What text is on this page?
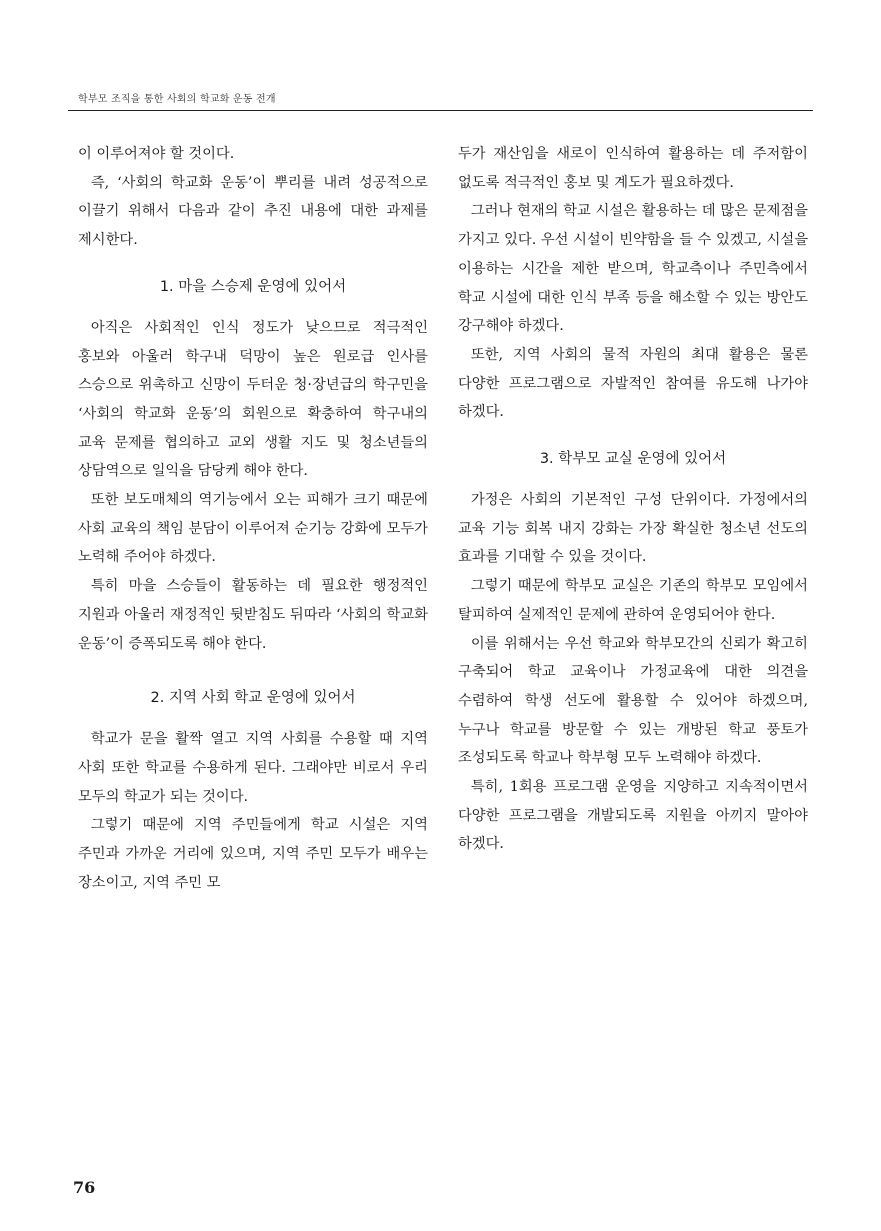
학부모 조직을 통한 사회의 학교화 운동 전개

이 이루어져야 할 것이다.

즉, ‘사회의 학교화 운동’이 뿌리를 내려 성공적으로 이끌기 위해서 다음과 같이 추진 내용에 대한 과제를 제시한다.

1. 마을 스승제 운영에 있어서

아직은 사회적인 인식 정도가 낮으므로 적극적인 홍보와 아울러 학구내 덕망이 높은 원로급 인사를 스승으로 위촉하고 신망이 두터운 청·장년급의 학구민을 ‘사회의 학교화 운동’의 회원으로 확충하여 학구내의 교육 문제를 협의하고 교외 생활 지도 및 청소년들의 상담역으로 일익을 담당케 해야 한다.

또한 보도매체의 역기능에서 오는 피해가 크기 때문에 사회 교육의 책임 분담이 이루어져 순기능 강화에 모두가 노력해 주어야 하겠다.

특히 마을 스승들이 활동하는 데 필요한 행정적인 지원과 아울러 재정적인 뒷받침도 뒤따라 ‘사회의 학교화 운동’이 증폭되도록 해야 한다.

2. 지역 사회 학교 운영에 있어서

학교가 문을 활짝 열고 지역 사회를 수용할 때 지역 사회 또한 학교를 수용하게 된다. 그래야만 비로서 우리 모두의 학교가 되는 것이다.

그렇기 때문에 지역 주민들에게 학교 시설은 지역 주민과 가까운 거리에 있으며, 지역 주민 모두가 배우는 장소이고, 지역 주민 모

두가 재산임을 새로이 인식하여 활용하는 데 주저함이 없도록 적극적인 홍보 및 계도가 필요하겠다.

그러나 현재의 학교 시설은 활용하는 데 많은 문제점을 가지고 있다. 우선 시설이 빈약함을 들 수 있겠고, 시설을 이용하는 시간을 제한 받으며, 학교측이나 주민측에서 학교 시설에 대한 인식 부족 등을 해소할 수 있는 방안도 강구해야 하겠다.

또한, 지역 사회의 물적 자원의 최대 활용은 물론 다양한 프로그램으로 자발적인 참여를 유도해 나가야 하겠다.

3. 학부모 교실 운영에 있어서

가정은 사회의 기본적인 구성 단위이다. 가정에서의 교육 기능 회복 내지 강화는 가장 확실한 청소년 선도의 효과를 기대할 수 있을 것이다.

그렇기 때문에 학부모 교실은 기존의 학부모 모임에서 탈피하여 실제적인 문제에 관하여 운영되어야 한다.

이를 위해서는 우선 학교와 학부모간의 신뢰가 확고히 구축되어 학교 교육이나 가정교육에 대한 의견을 수렴하여 학생 선도에 활용할 수 있어야 하겠으며, 누구나 학교를 방문할 수 있는 개방된 학교 풍토가 조성되도록 학교나 학부형 모두 노력해야 하겠다.

특히, 1회용 프로그램 운영을 지양하고 지속적이면서 다양한 프로그램을 개발되도록 지원을 아끼지 말아야 하겠다.

76
